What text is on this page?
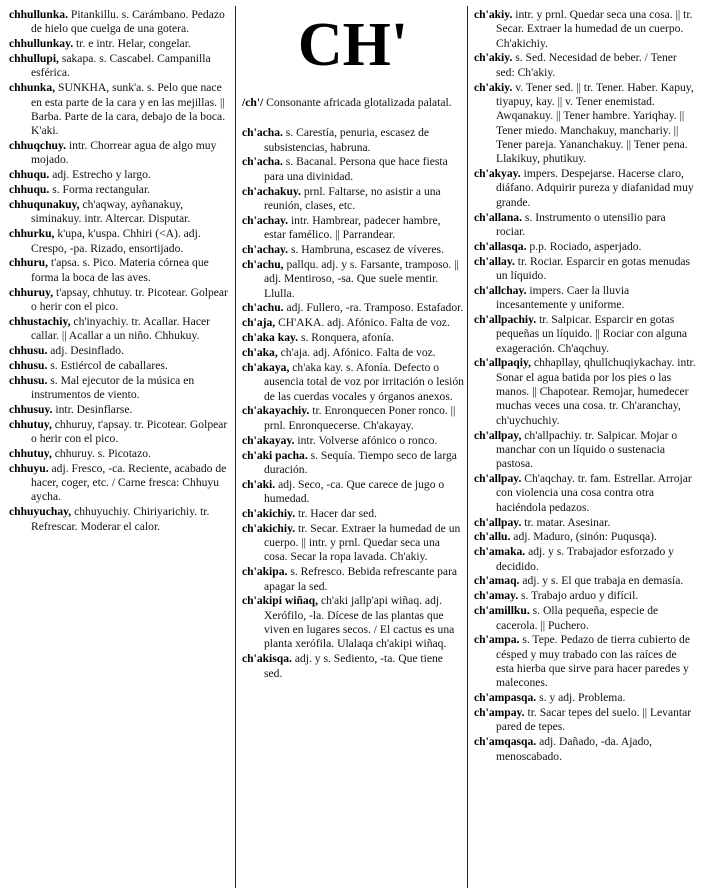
CH'
chhullunka. Pitankillu. s. Carámbano. Pedazo de hielo que cuelga de una gotera.
chhullunkay. tr. e intr. Helar, congelar.
chhullupi, sakapa. s. Cascabel. Campanilla esférica.
chhunka, SUNKHA, sunk'a. s. Pelo que nace en esta parte de la cara y en las mejillas. || Barba. Parte de la cara, debajo de la boca. K'aki.
chhuqchuy. intr. Chorrear agua de algo muy mojado.
chhuqu. adj. Estrecho y largo.
chhuqu. s. Forma rectangular.
chhuqunakuy, ch'aqway, ayñanakuy, siminakuy. intr. Altercar. Disputar.
chhurku, k'upa, k'uspa. Chhiri (<A). adj. Crespo, -pa. Rizado, ensortijado.
chhuru, t'apsa. s. Pico. Materia córnea que forma la boca de las aves.
chhuruy, t'apsay, chhutuy. tr. Picotear. Golpear o herir con el pico.
chhustachiy, ch'inyachiy. tr. Acallar. Hacer callar. || Acallar a un niño. Chhukuy.
chhusu. adj. Desinflado.
chhusu. s. Estiércol de caballares.
chhusu. s. Mal ejecutor de la música en instrumentos de viento.
chhusuy. intr. Desinflarse.
chhutuy, chhuruy, t'apsay. tr. Picotear. Golpear o herir con el pico.
chhutuy, chhuruy. s. Picotazo.
chhuyu. adj. Fresco, -ca. Reciente, acabado de hacer, coger, etc. / Carne fresca: Chhuyu aycha.
chhuyuchay, chhuyuchiy. Chiriyarichiy. tr. Refrescar. Moderar el calor.
/ch'/ Consonante africada glotalizada palatal.
ch'acha. s. Carestía, penuria, escasez de subsistencias, habruna.
ch'acha. s. Bacanal. Persona que hace fiesta para una divinidad.
ch'achakuy. prnl. Faltarse, no asistir a una reunión, clases, etc.
ch'achay. intr. Hambrear, padecer hambre, estar famélico. || Parrandear.
ch'achay. s. Hambruna, escasez de víveres.
ch'achu, pallqu. adj. y s. Farsante, tramposo. || adj. Mentiroso, -sa. Que suele mentir. Llulla.
ch'achu. adj. Fullero, -ra. Tramposo. Estafador.
ch'aja, CH'AKA. adj. Afónico. Falta de voz.
ch'aka kay. s. Ronquera, afonía.
ch'aka, ch'aja. adj. Afónico. Falta de voz.
ch'akaya, ch'aka kay. s. Afonía. Defecto o ausencia total de voz por irritación o lesión de las cuerdas vocales y órganos anexos.
ch'akayachiy. tr. Enronquecen Poner ronco. || prnl. Enronquecerse. Ch'akayay.
ch'akayay. intr. Volverse afónico o ronco.
ch'aki pacha. s. Sequía. Tiempo seco de larga duración.
ch'aki. adj. Seco, -ca. Que carece de jugo o humedad.
ch'akichiy. tr. Hacer dar sed.
ch'akichiy. tr. Secar. Extraer la humedad de un cuerpo. || intr. y prnl. Quedar seca una cosa. Secar la ropa lavada. Ch'akiy.
ch'akipa. s. Refresco. Bebida refrescante para apagar la sed.
ch'akipi wiñaq, ch'aki jallp'api wiñaq. adj. Xerófilo, -la. Dícese de las plantas que viven en lugares secos. / El cactus es una planta xerófila. Ulalaqa ch'akipi wiñaq.
ch'akisqa. adj. y s. Sediento, -ta. Que tiene sed.
ch'akiy. intr. y prnl. Quedar seca una cosa. || tr. Secar. Extraer la humedad de un cuerpo. Ch'akichiy.
ch'akiy. s. Sed. Necesidad de beber. / Tener sed: Ch'akiy.
ch'akiy. v. Tener sed. || tr. Tener. Haber. Kapuy, tiyapuy, kay. || v. Tener enemistad. Awqanakuy. || Tener hambre. Yariqhay. || Tener miedo. Manchakuy, manchariy. || Tener pareja. Yananchakuy. || Tener pena. Llakikuy, phutikuy.
ch'akyay. impers. Despejarse. Hacerse claro, diáfano. Adquirir pureza y diafanidad muy grande.
ch'allana. s. Instrumento o utensilio para rociar.
ch'allasqa. p.p. Rociado, asperjado.
ch'allay. tr. Rociar. Esparcir en gotas menudas un líquido.
ch'allchay. impers. Caer la lluvia incesantemente y uniforme.
ch'allpachiy. tr. Salpicar. Esparcir en gotas pequeñas un líquido. || Rociar con alguna exageración. Ch'aqchuy.
ch'allpaqiy, chhapllay, qhullchuqiykachay. intr. Sonar el agua batida por los pies o las manos. || Chapotear. Remojar, humedecer muchas veces una cosa. tr. Ch'aranchay, ch'uychuchiy.
ch'allpay, ch'allpachiy. tr. Salpicar. Mojar o manchar con un líquido o sustenacia pastosa.
ch'allpay. Ch'aqchay. tr. fam. Estrellar. Arrojar con violencia una cosa contra otra haciéndola pedazos.
ch'allpay. tr. matar. Asesinar.
ch'allu. adj. Maduro, (sinón: Puqusqa).
ch'amaka. adj. y s. Trabajador esforzado y decidido.
ch'amaq. adj. y s. El que trabaja en demasía.
ch'amay. s. Trabajo arduo y difícil.
ch'amillku. s. Olla pequeña, especie de cacerola. || Puchero.
ch'ampa. s. Tepe. Pedazo de tierra cubierto de césped y muy trabado con las raíces de esta hierba que sirve para hacer paredes y malecones.
ch'ampasqa. s. y adj. Problema.
ch'ampay. tr. Sacar tepes del suelo. || Levantar pared de tepes.
ch'amqasqa. adj. Dañado, -da. Ajado, menoscabado.
